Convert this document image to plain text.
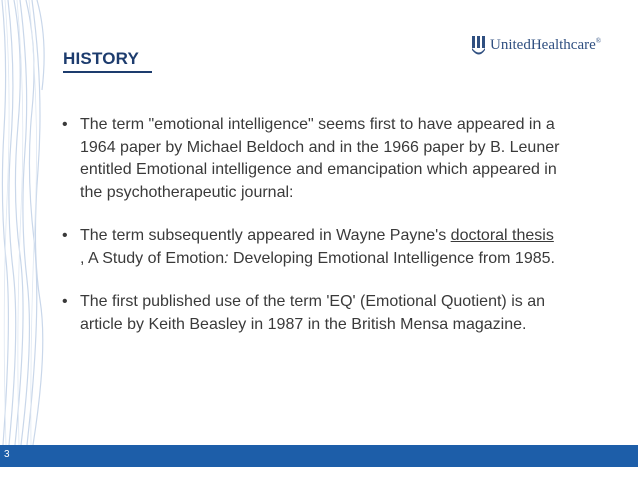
HISTORY
UnitedHealthcare®
• The term "emotional intelligence" seems first to have appeared in a 1964 paper by Michael Beldoch and in the 1966 paper by B. Leuner entitled Emotional intelligence and emancipation which appeared in the psychotherapeutic journal:
• The term subsequently appeared in Wayne Payne's doctoral thesis , A Study of Emotion: Developing Emotional Intelligence from 1985.
• The first published use of the term 'EQ' (Emotional Quotient) is an article by Keith Beasley in 1987 in the British Mensa magazine.
3
